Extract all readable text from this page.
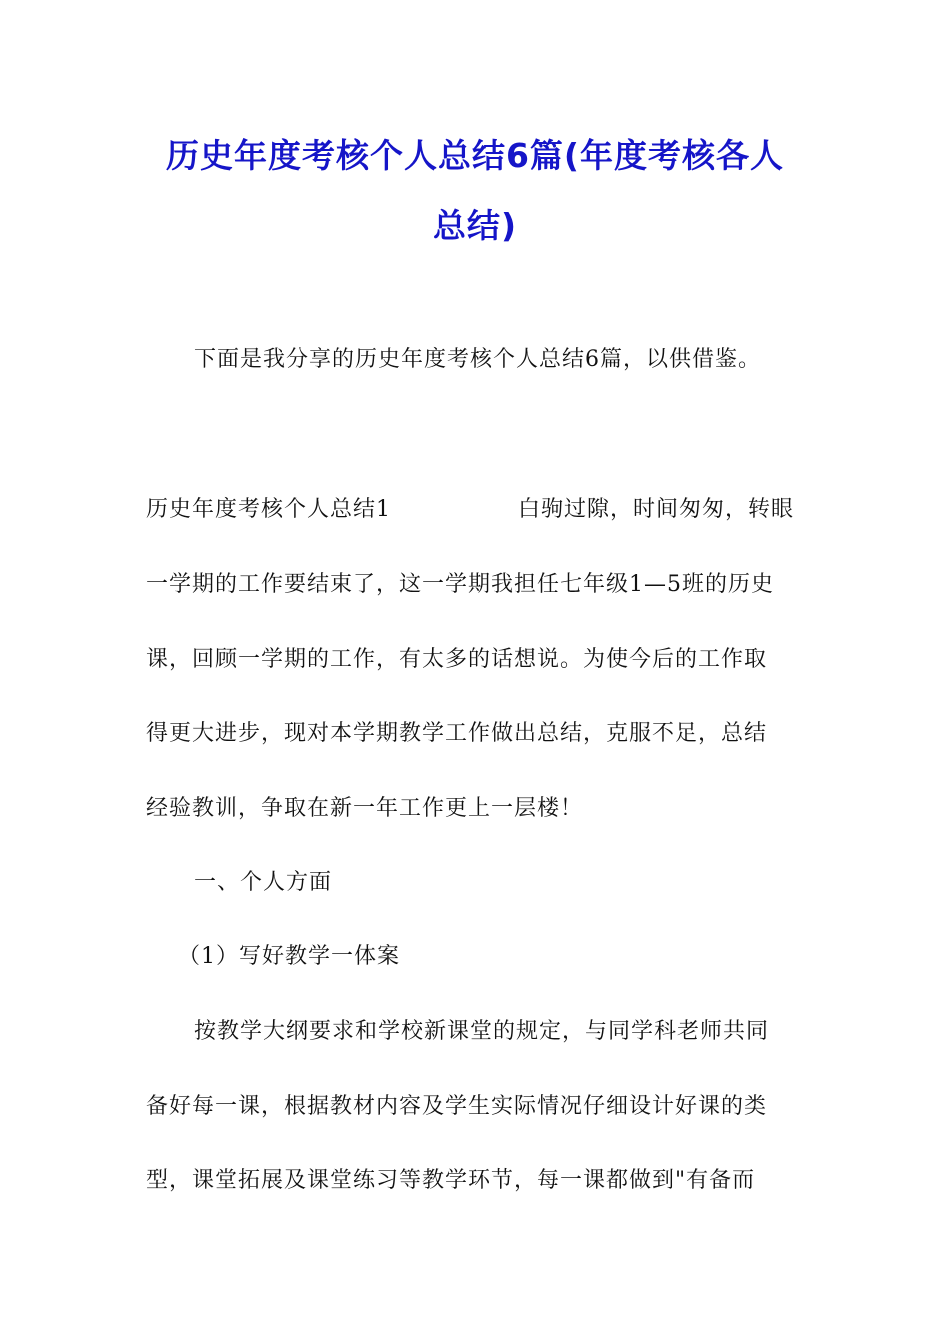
历史年度考核个人总结6篇(年度考核各人
总结)
下面是我分享的历史年度考核个人总结6篇，以供借鉴。
历史年度考核个人总结1	白驹过隙，时间匆匆，转眼
一学期的工作要结束了，这一学期我担任七年级1—5班的历史
课，回顾一学期的工作，有太多的话想说。为使今后的工作取
得更大进步，现对本学期教学工作做出总结，克服不足，总结
经验教训，争取在新一年工作更上一层楼！
一、个人方面
（1）写好教学一体案
按教学大纲要求和学校新课堂的规定，与同学科老师共同
备好每一课，根据教材内容及学生实际情况仔细设计好课的类
型，课堂拓展及课堂练习等教学环节，每一课都做到"有备而
